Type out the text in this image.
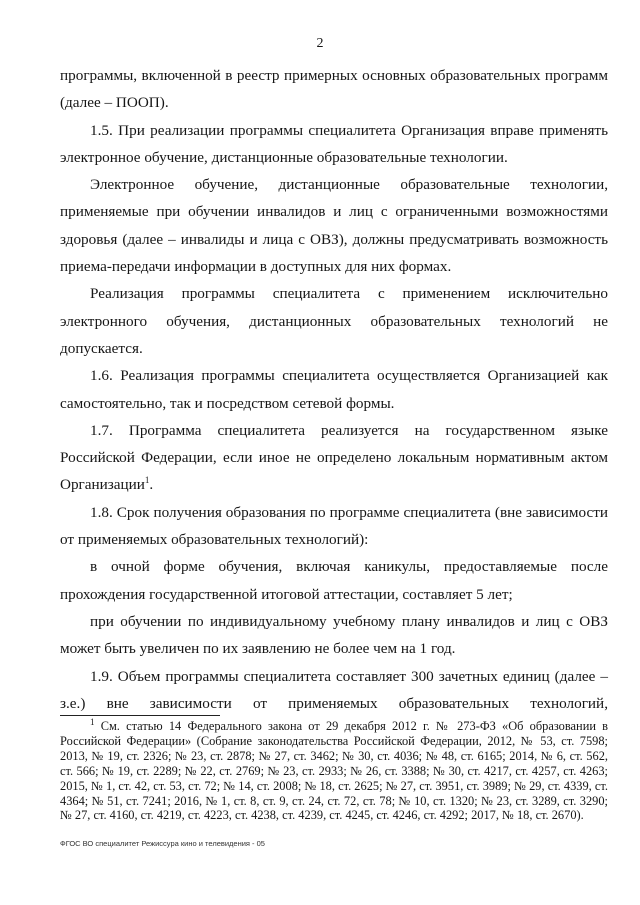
2

программы, включенной в реестр примерных основных образовательных программ (далее – ПООП).

1.5. При реализации программы специалитета Организация вправе применять электронное обучение, дистанционные образовательные технологии.

Электронное обучение, дистанционные образовательные технологии, применяемые при обучении инвалидов и лиц с ограниченными возможностями здоровья (далее – инвалиды и лица с ОВЗ), должны предусматривать возможность приема-передачи информации в доступных для них формах.

Реализация программы специалитета с применением исключительно электронного обучения, дистанционных образовательных технологий не допускается.

1.6. Реализация программы специалитета осуществляется Организацией как самостоятельно, так и посредством сетевой формы.

1.7. Программа специалитета реализуется на государственном языке Российской Федерации, если иное не определено локальным нормативным актом Организации$^1$.

1.8. Срок получения образования по программе специалитета (вне зависимости от применяемых образовательных технологий):

в очной форме обучения, включая каникулы, предоставляемые после прохождения государственной итоговой аттестации, составляет 5 лет;

при обучении по индивидуальному учебному плану инвалидов и лиц с ОВЗ может быть увеличен по их заявлению не более чем на 1 год.

1.9. Объем программы специалитета составляет 300 зачетных единиц (далее – з.е.) вне зависимости от применяемых образовательных технологий,

$^1$ См. статью 14 Федерального закона от 29 декабря 2012 г. № 273-ФЗ «Об образовании в Российской Федерации» (Собрание законодательства Российской Федерации, 2012, № 53, ст. 7598; 2013, № 19, ст. 2326; № 23, ст. 2878; № 27, ст. 3462; № 30, ст. 4036; № 48, ст. 6165; 2014, № 6, ст. 562, ст. 566; № 19, ст. 2289; № 22, ст. 2769; № 23, ст. 2933; № 26, ст. 3388; № 30, ст. 4217, ст. 4257, ст. 4263; 2015, № 1, ст. 42, ст. 53, ст. 72; № 14, ст. 2008; № 18, ст. 2625; № 27, ст. 3951, ст. 3989; № 29, ст. 4339, ст. 4364; № 51, ст. 7241; 2016, № 1, ст. 8, ст. 9, ст. 24, ст. 72, ст. 78; № 10, ст. 1320; № 23, ст. 3289, ст. 3290; № 27, ст. 4160, ст. 4219, ст. 4223, ст. 4238, ст. 4239, ст. 4245, ст. 4246, ст. 4292; 2017, № 18, ст. 2670).

ФГОС ВО специалитет Режиссура кино и телевидения - 05
